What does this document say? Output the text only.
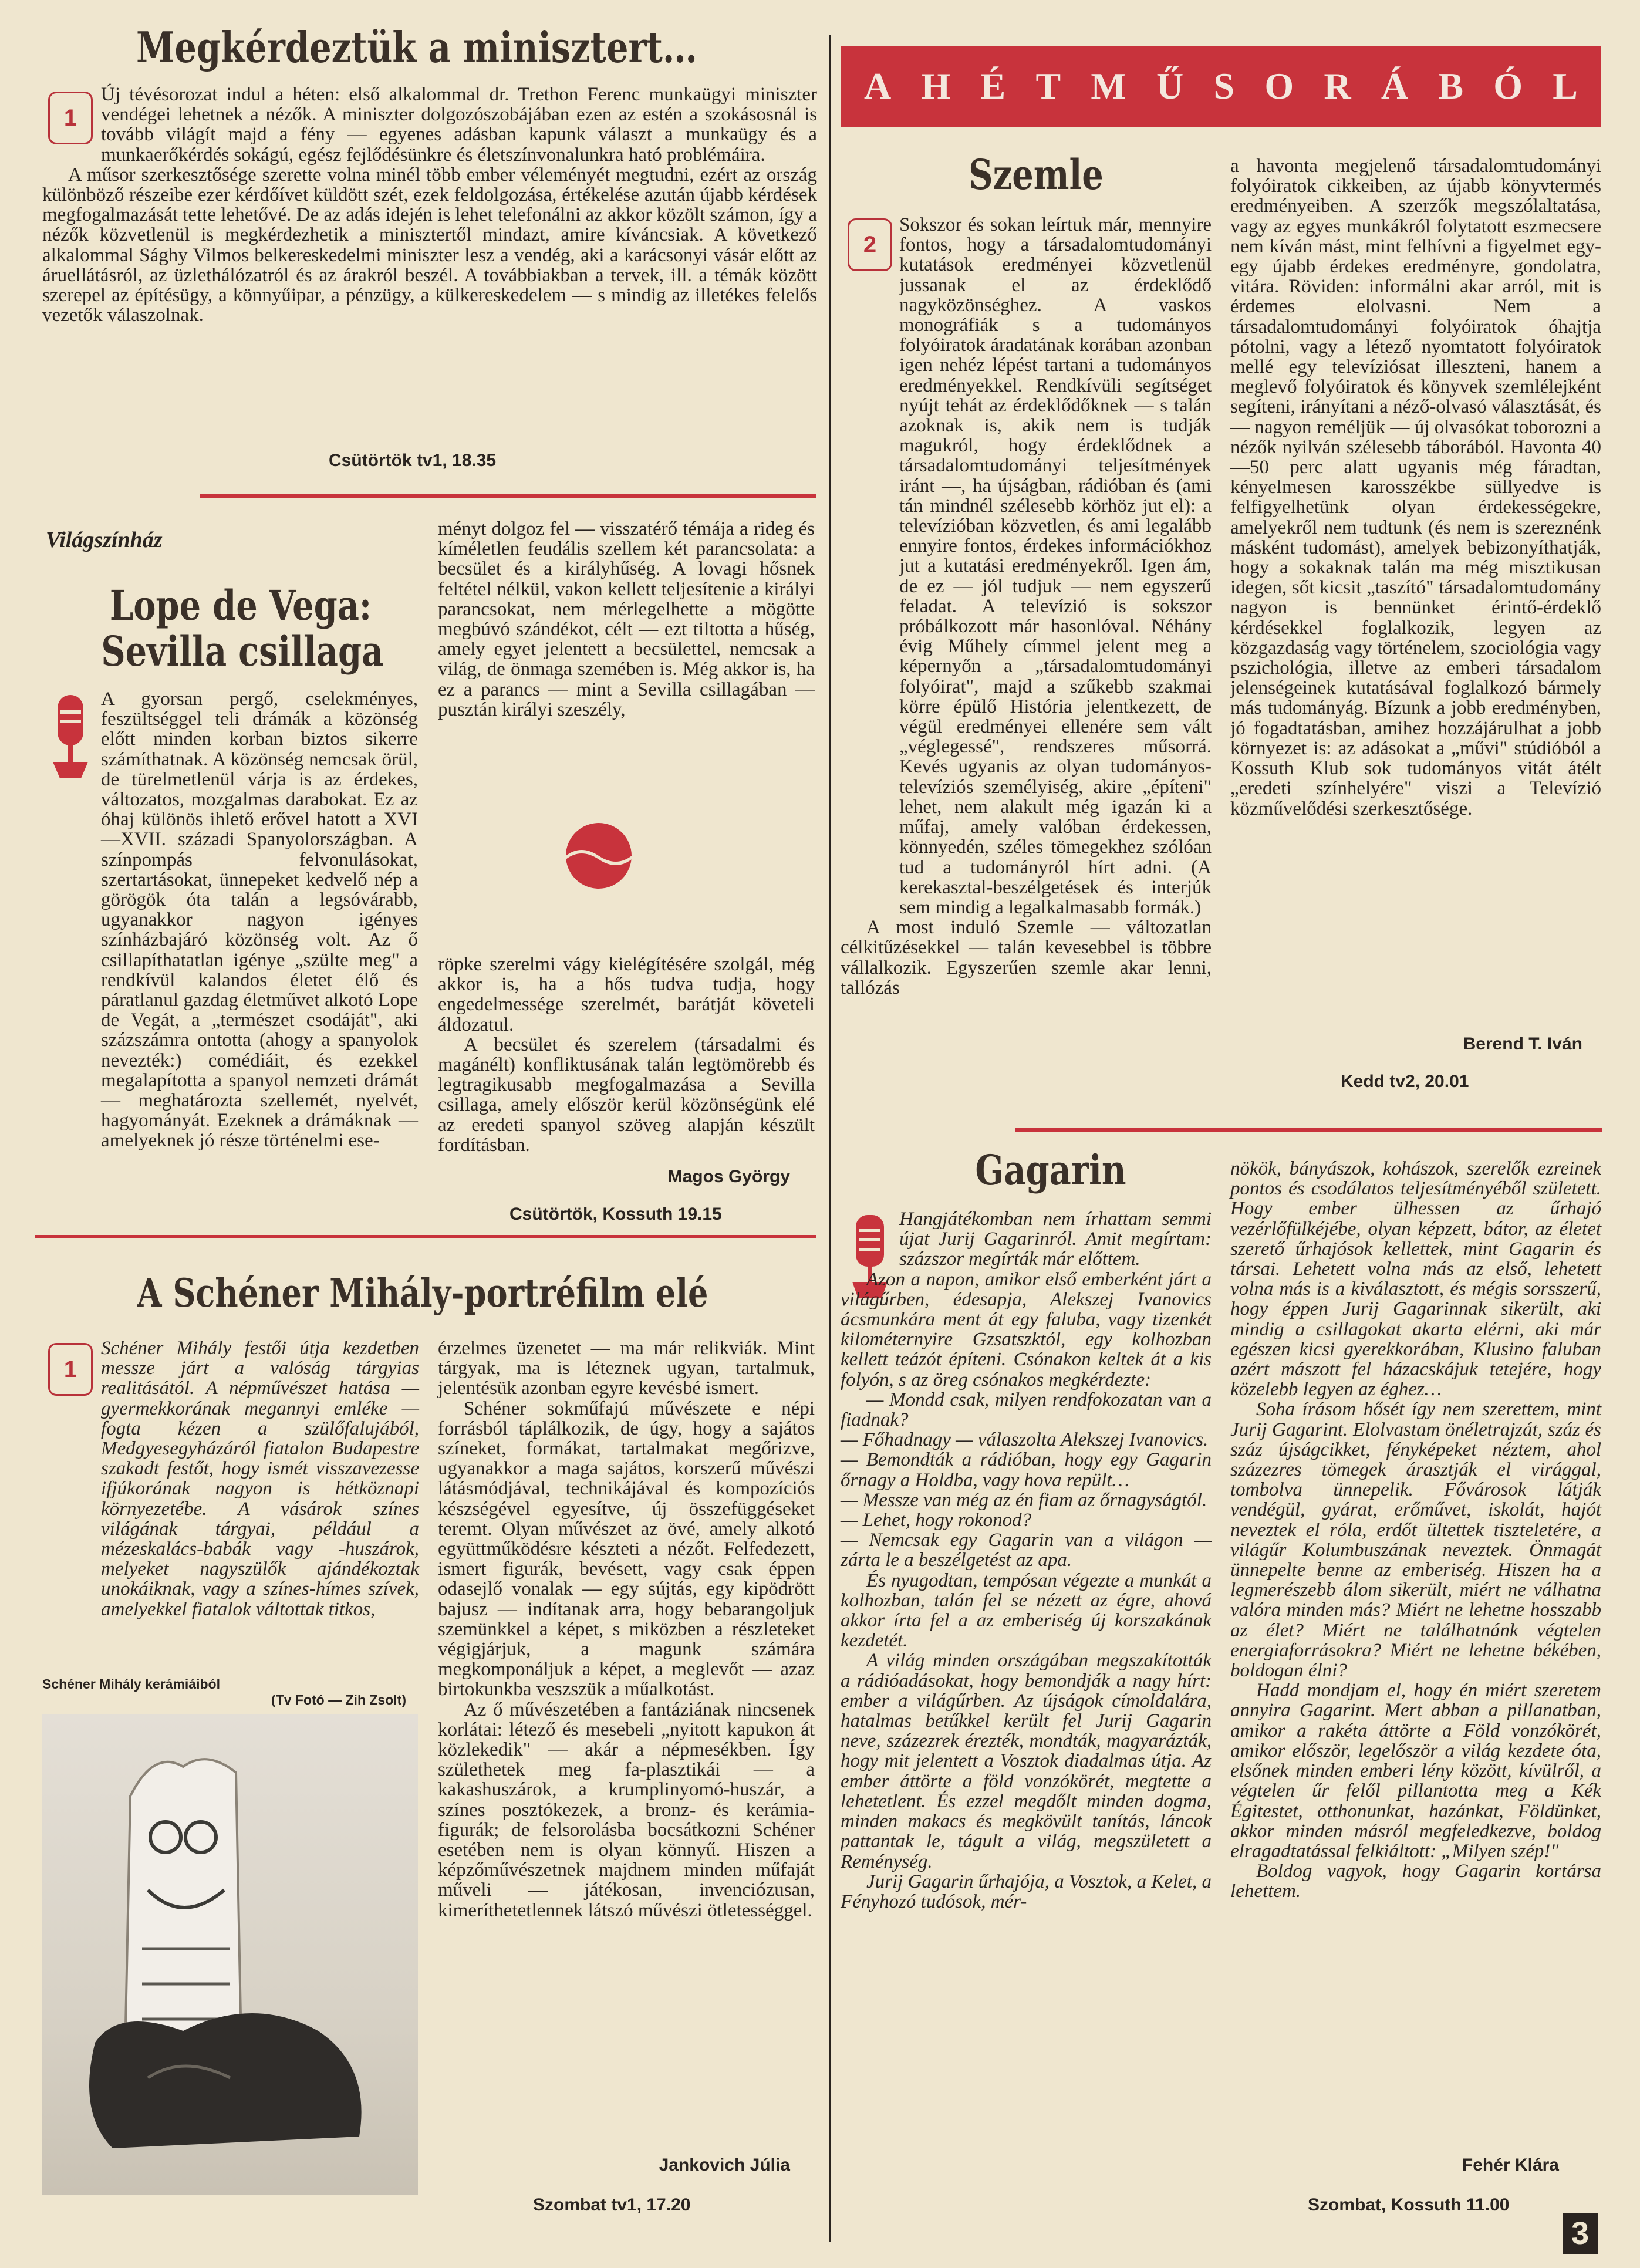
Megkérdeztük a minisztert…
1

Új tévésorozat indul a héten: első alkalommal dr. Trethon Ferenc munkaügyi miniszter vendégei lehetnek a nézők. A miniszter dolgozószobájában ezen az estén a szokásosnál is tovább világít majd a fény — egyenes adásban kapunk választ a munkaügy és a munkaerőkérdés sokágú, egész fejlődésünkre és életszínvonalunkra ható problémáira.

A műsor szerkesztősége szerette volna minél több ember véleményét megtudni, ezért az ország különböző részeibe ezer kérdőívet küldött szét, ezek feldolgozása, értékelése azután újabb kérdések megfogalmazását tette lehetővé. De az adás idején is lehet telefonálni az akkor közölt számon, így a nézők közvetlenül is megkérdezhetik a minisztertől mindazt, amire kíváncsiak. A következő alkalommal Sághy Vilmos belkereskedelmi miniszter lesz a vendég, aki a karácsonyi vásár előtt az áruellátásról, az üzlethálózatról és az árakról beszél. A továbbiakban a tervek, ill. a témák között szerepel az építésügy, a könnyűipar, a pénzügy, a külkereskedelem — s mindig az illetékes felelős vezetők válaszolnak.

Csütörtök tv1, 18.35
Világszínház
Lope de Vega:
Sevilla csillaga

A gyorsan pergő, cselekményes, feszültséggel teli drámák a közönség előtt minden korban biztos sikerre számíthatnak. A közönség nemcsak örül, de türelmetlenül várja is az érdekes, változatos, mozgalmas darabokat. Ez az óhaj különös ihlető erővel hatott a XVI—XVII. századi Spanyolországban. A színpompás felvonulásokat, szertartásokat, ünnepeket kedvelő nép a görögök óta talán a legsóvárabb, ugyanakkor nagyon igényes színházbajáró közönség volt. Az ő csillapíthatatlan igénye „szülte meg" a rendkívül kalandos életet élő és páratlanul gazdag életművet alkotó Lope de Vegát, a „természet csodáját", aki százszámra ontotta (ahogy a spanyolok nevezték:) comédiáit, és ezekkel megalapította a spanyol nemzeti drámát — meghatározta szellemét, nyelvét, hagyományát. Ezeknek a drámáknak — amelyeknek jó része történelmi ese-

ményt dolgoz fel — visszatérő témája a rideg és kíméletlen feudális szellem két parancsolata: a becsület és a királyhűség. A lovagi hősnek feltétel nélkül, vakon kellett teljesítenie a királyi parancsokat, nem mérlegelhette a mögötte megbúvó szándékot, célt — ezt tiltotta a hűség, amely egyet jelentett a becsülettel, nemcsak a világ, de önmaga szemében is. Még akkor is, ha ez a parancs — mint a Sevilla csillagában — pusztán királyi szeszély,

röpke szerelmi vágy kielégítésére szolgál, még akkor is, ha a hős tudva tudja, hogy engedelmessége szerelmét, barátját követeli áldozatul.

A becsület és szerelem (társadalmi és magánélt) konfliktusának talán legtömörebb és legtragikusabb megfogalmazása a Sevilla csillaga, amely először kerül közönségünk elé az eredeti spanyol szöveg alapján készült fordításban.

Magos György
Csütörtök, Kossuth 19.15
A Schéner Mihály-portréfilm elé
1

Schéner Mihály festői útja kezdetben messze járt a valóság tárgyias realitásától. A népművészet hatása — gyermekkorának megannyi emléke — fogta kézen a szülőfalujából, Medgyesegyházáról fiatalon Budapestre szakadt festőt, hogy ismét visszavezesse ifjúkorának nagyon is hétköznapi környezetébe. A vásárok színes világának tárgyai, például a mézeskalács-babák vagy -huszárok, melyeket nagyszülők ajándékoztak unokáiknak, vagy a színes-hímes szívek, amelyekkel fiatalok váltottak titkos,

Schéner Mihály kerámiáiból
(Tv Fotó — Zih Zsolt)

érzelmes üzenetet — ma már relikviák. Mint tárgyak, ma is léteznek ugyan, tartalmuk, jelentésük azonban egyre kevésbé ismert.

Schéner sokműfajú művészete e népi forrásból táplálkozik, de úgy, hogy a sajátos színeket, formákat, tartalmakat megőrizve, ugyanakkor a maga sajátos, korszerű művészi látásmódjával, technikájával és kompozíciós készségével egyesítve, új összefüggéseket teremt. Olyan művészet az övé, amely alkotó együttműködésre készteti a nézőt. Felfedezett, ismert figurák, bevésett, vagy csak éppen odasejlő vonalak — egy sújtás, egy kipödrött bajusz — indítanak arra, hogy bebarangoljuk szemünkkel a képet, s miközben a részleteket végigjárjuk, a magunk számára megkomponáljuk a képet, a meglevőt — azaz birtokunkba veszszük a műalkotást.

Az ő művészetében a fantáziának nincsenek korlátai: létező és mesebeli „nyitott kapukon át közlekedik" — akár a népmesékben. Így születhetek meg fa-plasztikái — a kakashuszárok, a krumplinyomó-huszár, a színes posztókezek, a bronz- és kerámia-figurák; de felsorolásba bocsátkozni Schéner esetében nem is olyan könnyű. Hiszen a képzőművészetnek majdnem minden műfaját műveli — játékosan, invenciózusan, kimeríthetetlennek látszó művészi ötletességgel.

Jankovich Júlia
Szombat tv1, 17.20
A H É T M Ű S O R Á B Ó L
Szemle
2

Sokszor és sokan leírtuk már, mennyire fontos, hogy a társadalomtudományi kutatások eredményei közvetlenül jussanak el az érdeklődő nagyközönséghez. A vaskos monográfiák s a tudományos folyóiratok áradatának korában azonban igen nehéz lépést tartani a tudományos eredményekkel. Rendkívüli segítséget nyújt tehát az érdeklődőknek — s talán azoknak is, akik nem is tudják magukról, hogy érdeklődnek a társadalomtudományi teljesítmények iránt —, ha újságban, rádióban és (ami tán mindnél szélesebb körhöz jut el): a televízióban közvetlen, és ami legalább ennyire fontos, érdekes információkhoz jut a kutatási eredményekről. Igen ám, de ez — jól tudjuk — nem egyszerű feladat. A televízió is sokszor próbálkozott már hasonlóval. Néhány évig Műhely címmel jelent meg a képernyőn a „társadalomtudományi folyóirat", majd a szűkebb szakmai körre épülő História jelentkezett, de végül eredményei ellenére sem vált „véglegessé", rendszeres műsorrá. Kevés ugyanis az olyan tudományos-televíziós személyiség, akire „építeni" lehet, nem alakult még igazán ki a műfaj, amely valóban érdekessen, könnyedén, széles tömegekhez szólóan tud a tudományról hírt adni. (A kerekasztal-beszélgetések és interjúk sem mindig a legalkalmasabb formák.)

A most induló Szemle — változatlan célkitűzésekkel — talán kevesebbel is többre vállalkozik. Egyszerűen szemle akar lenni, tallózás

a havonta megjelenő társadalomtudományi folyóiratok cikkeiben, az újabb könyvtermés eredményeiben. A szerzők megszólaltatása, vagy az egyes munkákról folytatott eszmecsere nem kíván mást, mint felhívni a figyelmet egy-egy újabb érdekes eredményre, gondolatra, vitára. Röviden: informálni akar arról, mit is érdemes elolvasni. Nem a társadalomtudományi folyóiratok óhajtja pótolni, vagy a létező nyomtatott folyóiratok mellé egy televíziósat illeszteni, hanem a meglevő folyóiratok és könyvek szemlélejként segíteni, irányítani a néző-olvasó választását, és — nagyon reméljük — új olvasókat toborozni a nézők nyilván szélesebb táborából. Havonta 40—50 perc alatt ugyanis még fáradtan, kényelmesen karosszékbe süllyedve is felfigyelhetünk olyan érdekességekre, amelyekről nem tudtunk (és nem is szereznénk másként tudomást), amelyek bebizonyíthatják, hogy a sokaknak talán ma még misztikusan idegen, sőt kicsit „taszító" társadalomtudomány nagyon is bennünket érintő-érdeklő kérdésekkel foglalkozik, legyen az közgazdaság vagy történelem, szociológia vagy pszichológia, illetve az emberi társadalom jelenségeinek kutatásával foglalkozó bármely más tudományág. Bízunk a jobb eredményben, jó fogadtatásban, amihez hozzájárulhat a jobb környezet is: az adásokat a „művi" stúdióból a Kossuth Klub sok tudományos vitát átélt „eredeti színhelyére" viszi a Televízió közművelődési szerkesztősége.

Berend T. Iván
Kedd tv2, 20.01
Gagarin

Hangjátékomban nem írhattam semmi újat Jurij Gagarinról. Amit megírtam: százszor megírták már előttem.

Azon a napon, amikor első emberként járt a világűrben, édesapja, Alekszej Ivanovics ácsmunkára ment át egy faluba, vagy tizenkét kilométernyire Gzsatszktól, egy kolhozban kellett teázót építeni. Csónakon keltek át a kis folyón, s az öreg csónakos megkérdezte:

— Mondd csak, milyen rendfokozatan van a fiadnak?
— Főhadnagy — válaszolta Alekszej Ivanovics.
— Bemondták a rádióban, hogy egy Gagarin őrnagy a Holdba, vagy hova repült…
— Messze van még az én fiam az őrnagyságtól.
— Lehet, hogy rokonod?
— Nemcsak egy Gagarin van a világon — zárta le a beszélgetést az apa.

És nyugodtan, tempósan végezte a munkát a kolhozban, talán fel se nézett az égre, ahová akkor írta fel a az emberiség új korszakának kezdetét.

A világ minden országában megszakították a rádióadásokat, hogy bemondják a nagy hírt: ember a világűrben. Az újságok címoldalára, hatalmas betűkkel került fel Jurij Gagarin neve, százezrek érezték, mondták, magyarázták, hogy mit jelentett a Vosztok diadalmas útja. Az ember áttörte a föld vonzókörét, megtette a lehetetlent. És ezzel megdőlt minden dogma, minden makacs és megkövült tanítás, láncok pattantak le, tágult a világ, megszületett a Reménység.

Jurij Gagarin űrhajója, a Vosztok, a Kelet, a Fényhozó tudósok, mér-

nökök, bányászok, kohászok, szerelők ezreinek pontos és csodálatos teljesítményéből született. Hogy ember ülhessen az űrhajó vezérlőfülkéjébe, olyan képzett, bátor, az életet szerető űrhajósok kellettek, mint Gagarin és társai. Lehetett volna más az első, lehetett volna más is a kiválasztott, és mégis sorsszerű, hogy éppen Jurij Gagarinnak sikerült, aki mindig a csillagokat akarta elérni, aki már egészen kicsi gyerekkorában, Klusino faluban azért mászott fel házacskájuk tetejére, hogy közelebb legyen az éghez…

Soha írásom hősét így nem szerettem, mint Jurij Gagarint. Elolvastam önéletrajzát, száz és száz újságcikket, fényképeket néztem, ahol százezres tömegek árasztják el virággal, tombolva ünnepelik. Fővárosok látják vendégül, gyárat, erőművet, iskolát, hajót neveztek el róla, erdőt ültettek tiszteletére, a világűr Kolumbuszának neveztek. Önmagát ünnepelte benne az emberiség. Hiszen ha a legmerészebb álom sikerült, miért ne válhatna valóra minden más? Miért ne lehetne hosszabb az élet? Miért ne találhatnánk végtelen energiaforrásokra? Miért ne lehetne békében, boldogan élni?

Hadd mondjam el, hogy én miért szeretem annyira Gagarint. Mert abban a pillanatban, amikor a rakéta áttörte a Föld vonzókörét, amikor először, legelőször a világ kezdete óta, elsőnek minden emberi lény között, kívülről, a végtelen űr felől pillantotta meg a Kék Égitestet, otthonunkat, hazánkat, Földünket, akkor minden másról megfeledkezve, boldog elragadtatással felkiáltott: „Milyen szép!"

Boldog vagyok, hogy Gagarin kortársa lehettem.

Fehér Klára
Szombat, Kossuth 11.00
3
